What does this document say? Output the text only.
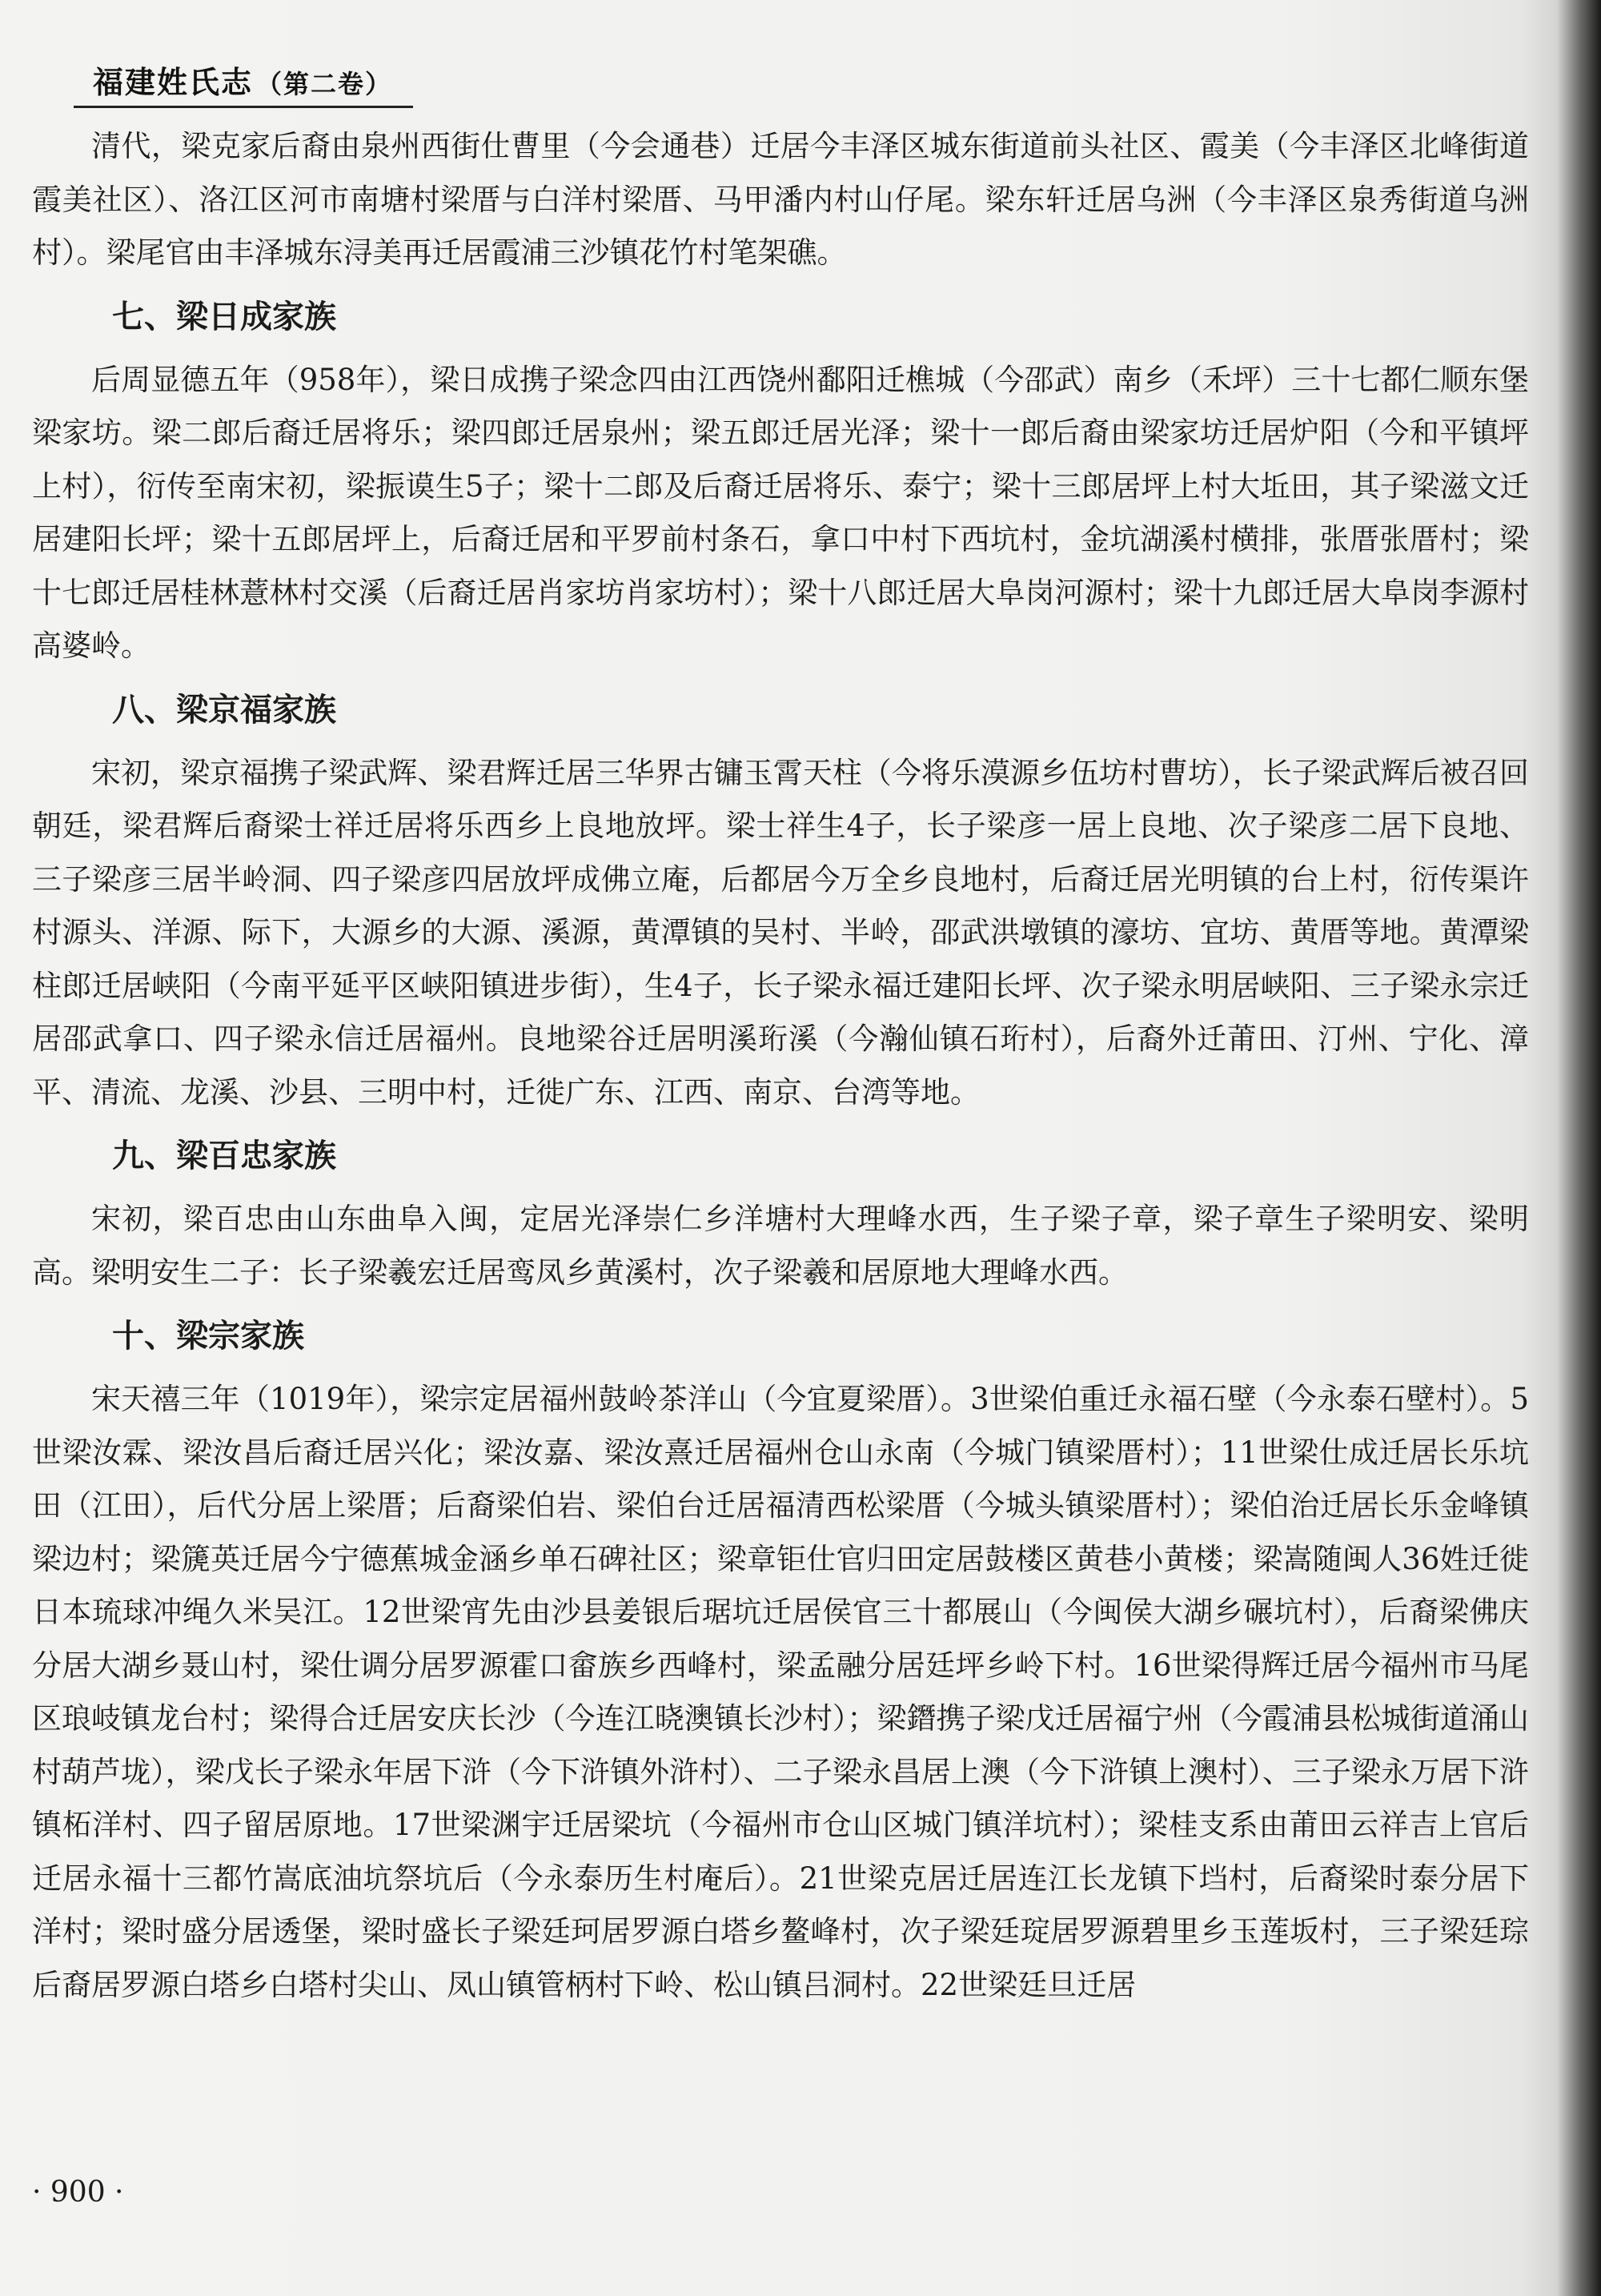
福建姓氏志 （第二卷）

清代，梁克家后裔由泉州西街仕曹里（今会通巷）迁居今丰泽区城东街道前头社区、霞美（今丰泽区北峰街道霞美社区）、洛江区河市南塘村梁厝与白洋村梁厝、马甲潘内村山仔尾。梁东轩迁居乌洲（今丰泽区泉秀街道乌洲村）。梁尾官由丰泽城东浔美再迁居霞浦三沙镇花竹村笔架礁。

七、梁日成家族

后周显德五年（958年），梁日成携子梁念四由江西饶州鄱阳迁樵城（今邵武）南乡（禾坪）三十七都仁顺东堡梁家坊。梁二郎后裔迁居将乐；梁四郎迁居泉州；梁五郎迁居光泽；梁十一郎后裔由梁家坊迁居炉阳（今和平镇坪上村），衍传至南宋初，梁振谟生5子；梁十二郎及后裔迁居将乐、泰宁；梁十三郎居坪上村大坵田，其子梁滋文迁居建阳长坪；梁十五郎居坪上，后裔迁居和平罗前村条石，拿口中村下西坑村，金坑湖溪村横排，张厝张厝村；梁十七郎迁居桂林薏林村交溪（后裔迁居肖家坊肖家坊村）；梁十八郎迁居大阜岗河源村；梁十九郎迁居大阜岗李源村高婆岭。

八、梁京福家族

宋初，梁京福携子梁武辉、梁君辉迁居三华界古镛玉霄天柱（今将乐漠源乡伍坊村曹坊），长子梁武辉后被召回朝廷，梁君辉后裔梁士祥迁居将乐西乡上良地放坪。梁士祥生4子，长子梁彦一居上良地、次子梁彦二居下良地、三子梁彦三居半岭洞、四子梁彦四居放坪成佛立庵，后都居今万全乡良地村，后裔迁居光明镇的台上村，衍传渠许村源头、洋源、际下，大源乡的大源、溪源，黄潭镇的吴村、半岭，邵武洪墩镇的濠坊、宜坊、黄厝等地。黄潭梁柱郎迁居峡阳（今南平延平区峡阳镇进步街），生4子，长子梁永福迁建阳长坪、次子梁永明居峡阳、三子梁永宗迁居邵武拿口、四子梁永信迁居福州。良地梁谷迁居明溪珩溪（今瀚仙镇石珩村），后裔外迁莆田、汀州、宁化、漳平、清流、龙溪、沙县、三明中村，迁徙广东、江西、南京、台湾等地。

九、梁百忠家族

宋初，梁百忠由山东曲阜入闽，定居光泽崇仁乡洋塘村大理峰水西，生子梁子章，梁子章生子梁明安、梁明高。梁明安生二子：长子梁羲宏迁居鸾凤乡黄溪村，次子梁羲和居原地大理峰水西。

十、梁宗家族

宋天禧三年（1019年），梁宗定居福州鼓岭茶洋山（今宜夏梁厝）。3世梁伯重迁永福石壁（今永泰石壁村）。5世梁汝霖、梁汝昌后裔迁居兴化；梁汝嘉、梁汝熹迁居福州仓山永南（今城门镇梁厝村）；11世梁仕成迁居长乐坑田（江田），后代分居上梁厝；后裔梁伯岩、梁伯台迁居福清西松梁厝（今城头镇梁厝村）；梁伯治迁居长乐金峰镇梁边村；梁篪英迁居今宁德蕉城金涵乡单石碑社区；梁章钜仕官归田定居鼓楼区黄巷小黄楼；梁嵩随闽人36姓迁徙日本琉球冲绳久米吴江。12世梁宵先由沙县姜银后琚坑迁居侯官三十都展山（今闽侯大湖乡碾坑村），后裔梁佛庆分居大湖乡聂山村，梁仕调分居罗源霍口畲族乡西峰村，梁孟融分居廷坪乡岭下村。16世梁得辉迁居今福州市马尾区琅岐镇龙台村；梁得合迁居安庆长沙（今连江晓澳镇长沙村）；梁鐕携子梁戊迁居福宁州（今霞浦县松城街道涌山村葫芦垅），梁戊长子梁永年居下浒（今下浒镇外浒村）、二子梁永昌居上澳（今下浒镇上澳村）、三子梁永万居下浒镇柘洋村、四子留居原地。17世梁渊宇迁居梁坑（今福州市仓山区城门镇洋坑村）；梁桂支系由莆田云祥吉上官后迁居永福十三都竹嵩底油坑祭坑后（今永泰历生村庵后）。21世梁克居迁居连江长龙镇下垱村，后裔梁时泰分居下洋村；梁时盛分居透堡，梁时盛长子梁廷珂居罗源白塔乡鳌峰村，次子梁廷琔居罗源碧里乡玉莲坂村，三子梁廷琮后裔居罗源白塔乡白塔村尖山、凤山镇管柄村下岭、松山镇吕洞村。22世梁廷旦迁居

· 900 ·
